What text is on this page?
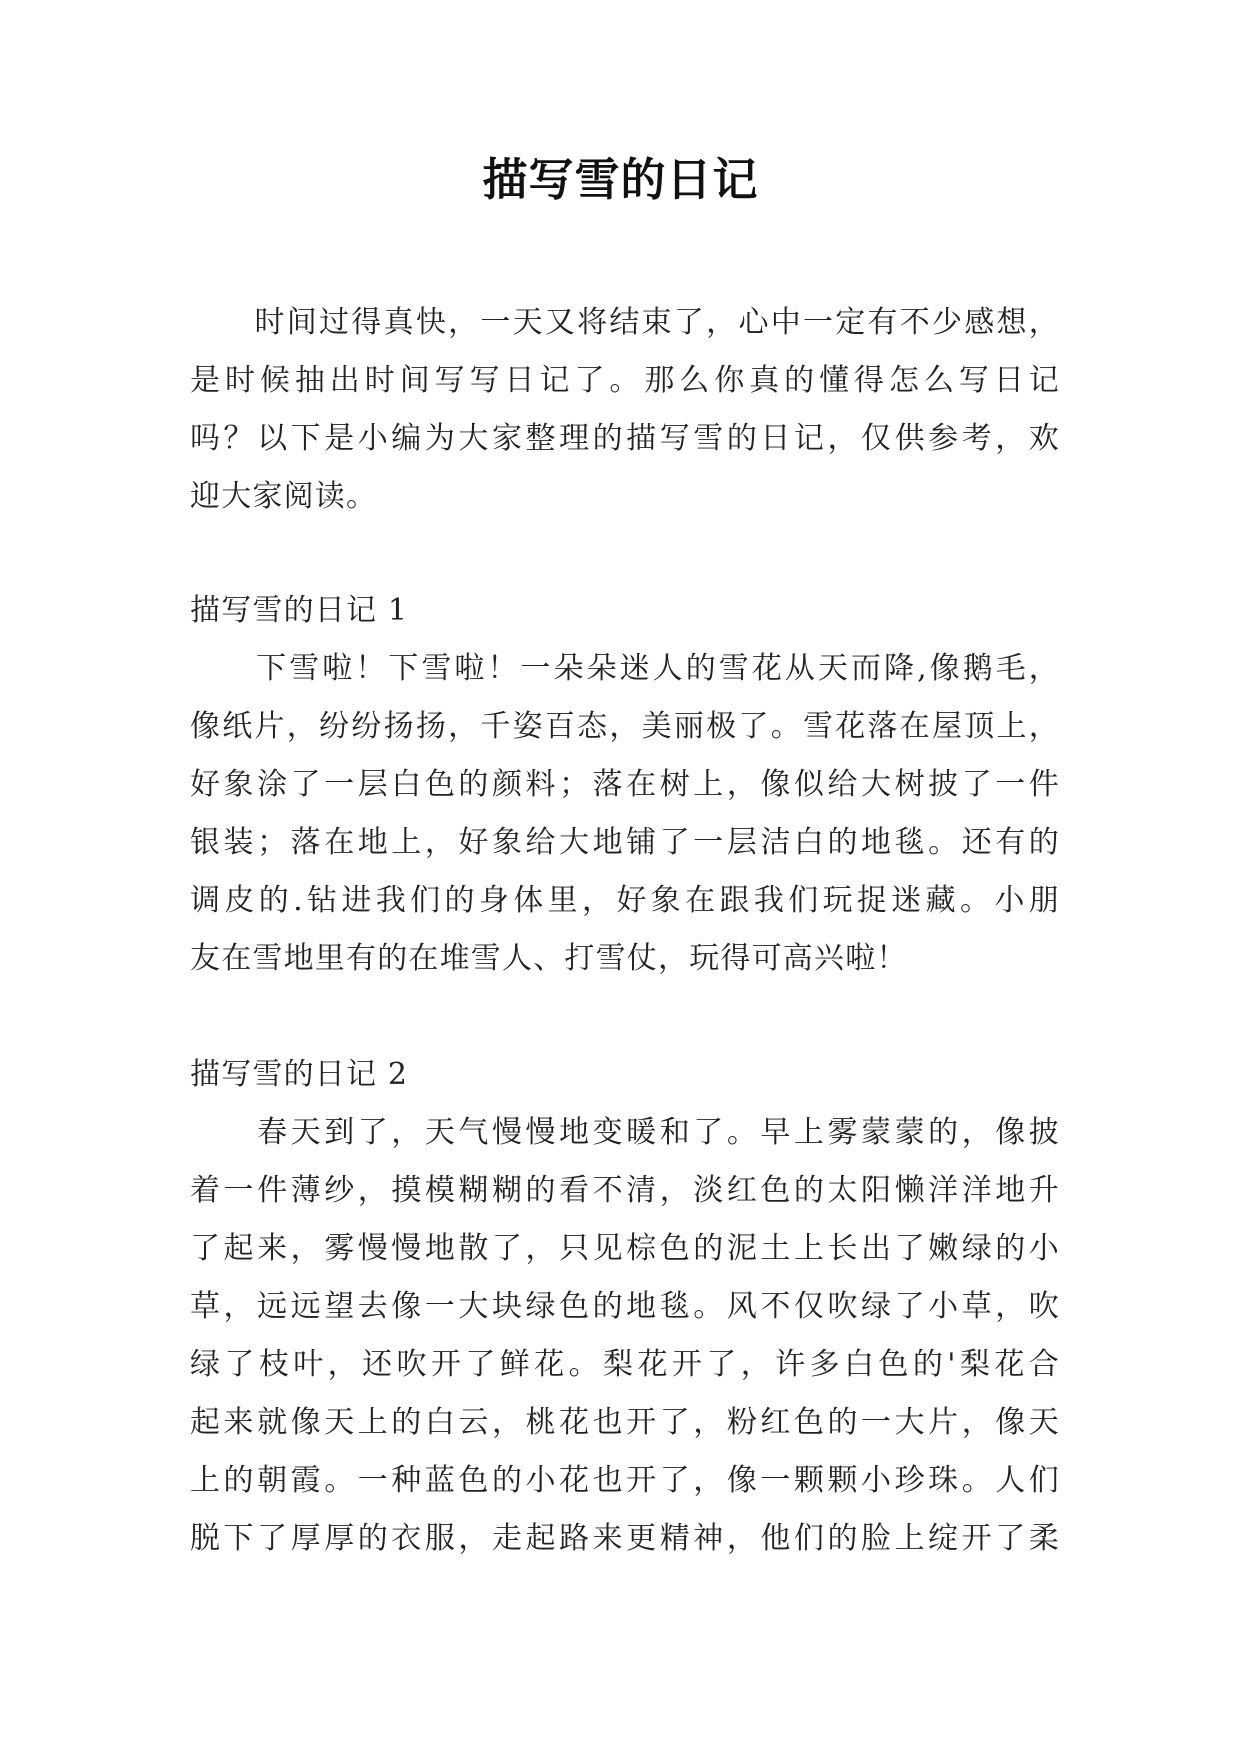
描写雪的日记
　　时间过得真快，一天又将结束了，心中一定有不少感想，
是时候抽出时间写写日记了。那么你真的懂得怎么写日记
吗？以下是小编为大家整理的描写雪的日记，仅供参考，欢
迎大家阅读。
描写雪的日记 1
　　下雪啦！下雪啦！一朵朵迷人的雪花从天而降,像鹅毛，
像纸片，纷纷扬扬，千姿百态，美丽极了。雪花落在屋顶上，
好象涂了一层白色的颜料；落在树上，像似给大树披了一件
银装；落在地上，好象给大地铺了一层洁白的地毯。还有的
调皮的.钻进我们的身体里，好象在跟我们玩捉迷藏。小朋
友在雪地里有的在堆雪人、打雪仗，玩得可高兴啦！
描写雪的日记 2
　　春天到了，天气慢慢地变暖和了。早上雾蒙蒙的，像披
着一件薄纱，摸模糊糊的看不清，淡红色的太阳懒洋洋地升
了起来，雾慢慢地散了，只见棕色的泥土上长出了嫩绿的小
草，远远望去像一大块绿色的地毯。风不仅吹绿了小草，吹
绿了枝叶，还吹开了鲜花。梨花开了，许多白色的'梨花合
起来就像天上的白云，桃花也开了，粉红色的一大片，像天
上的朝霞。一种蓝色的小花也开了，像一颗颗小珍珠。人们
脱下了厚厚的衣服，走起路来更精神，他们的脸上绽开了柔
